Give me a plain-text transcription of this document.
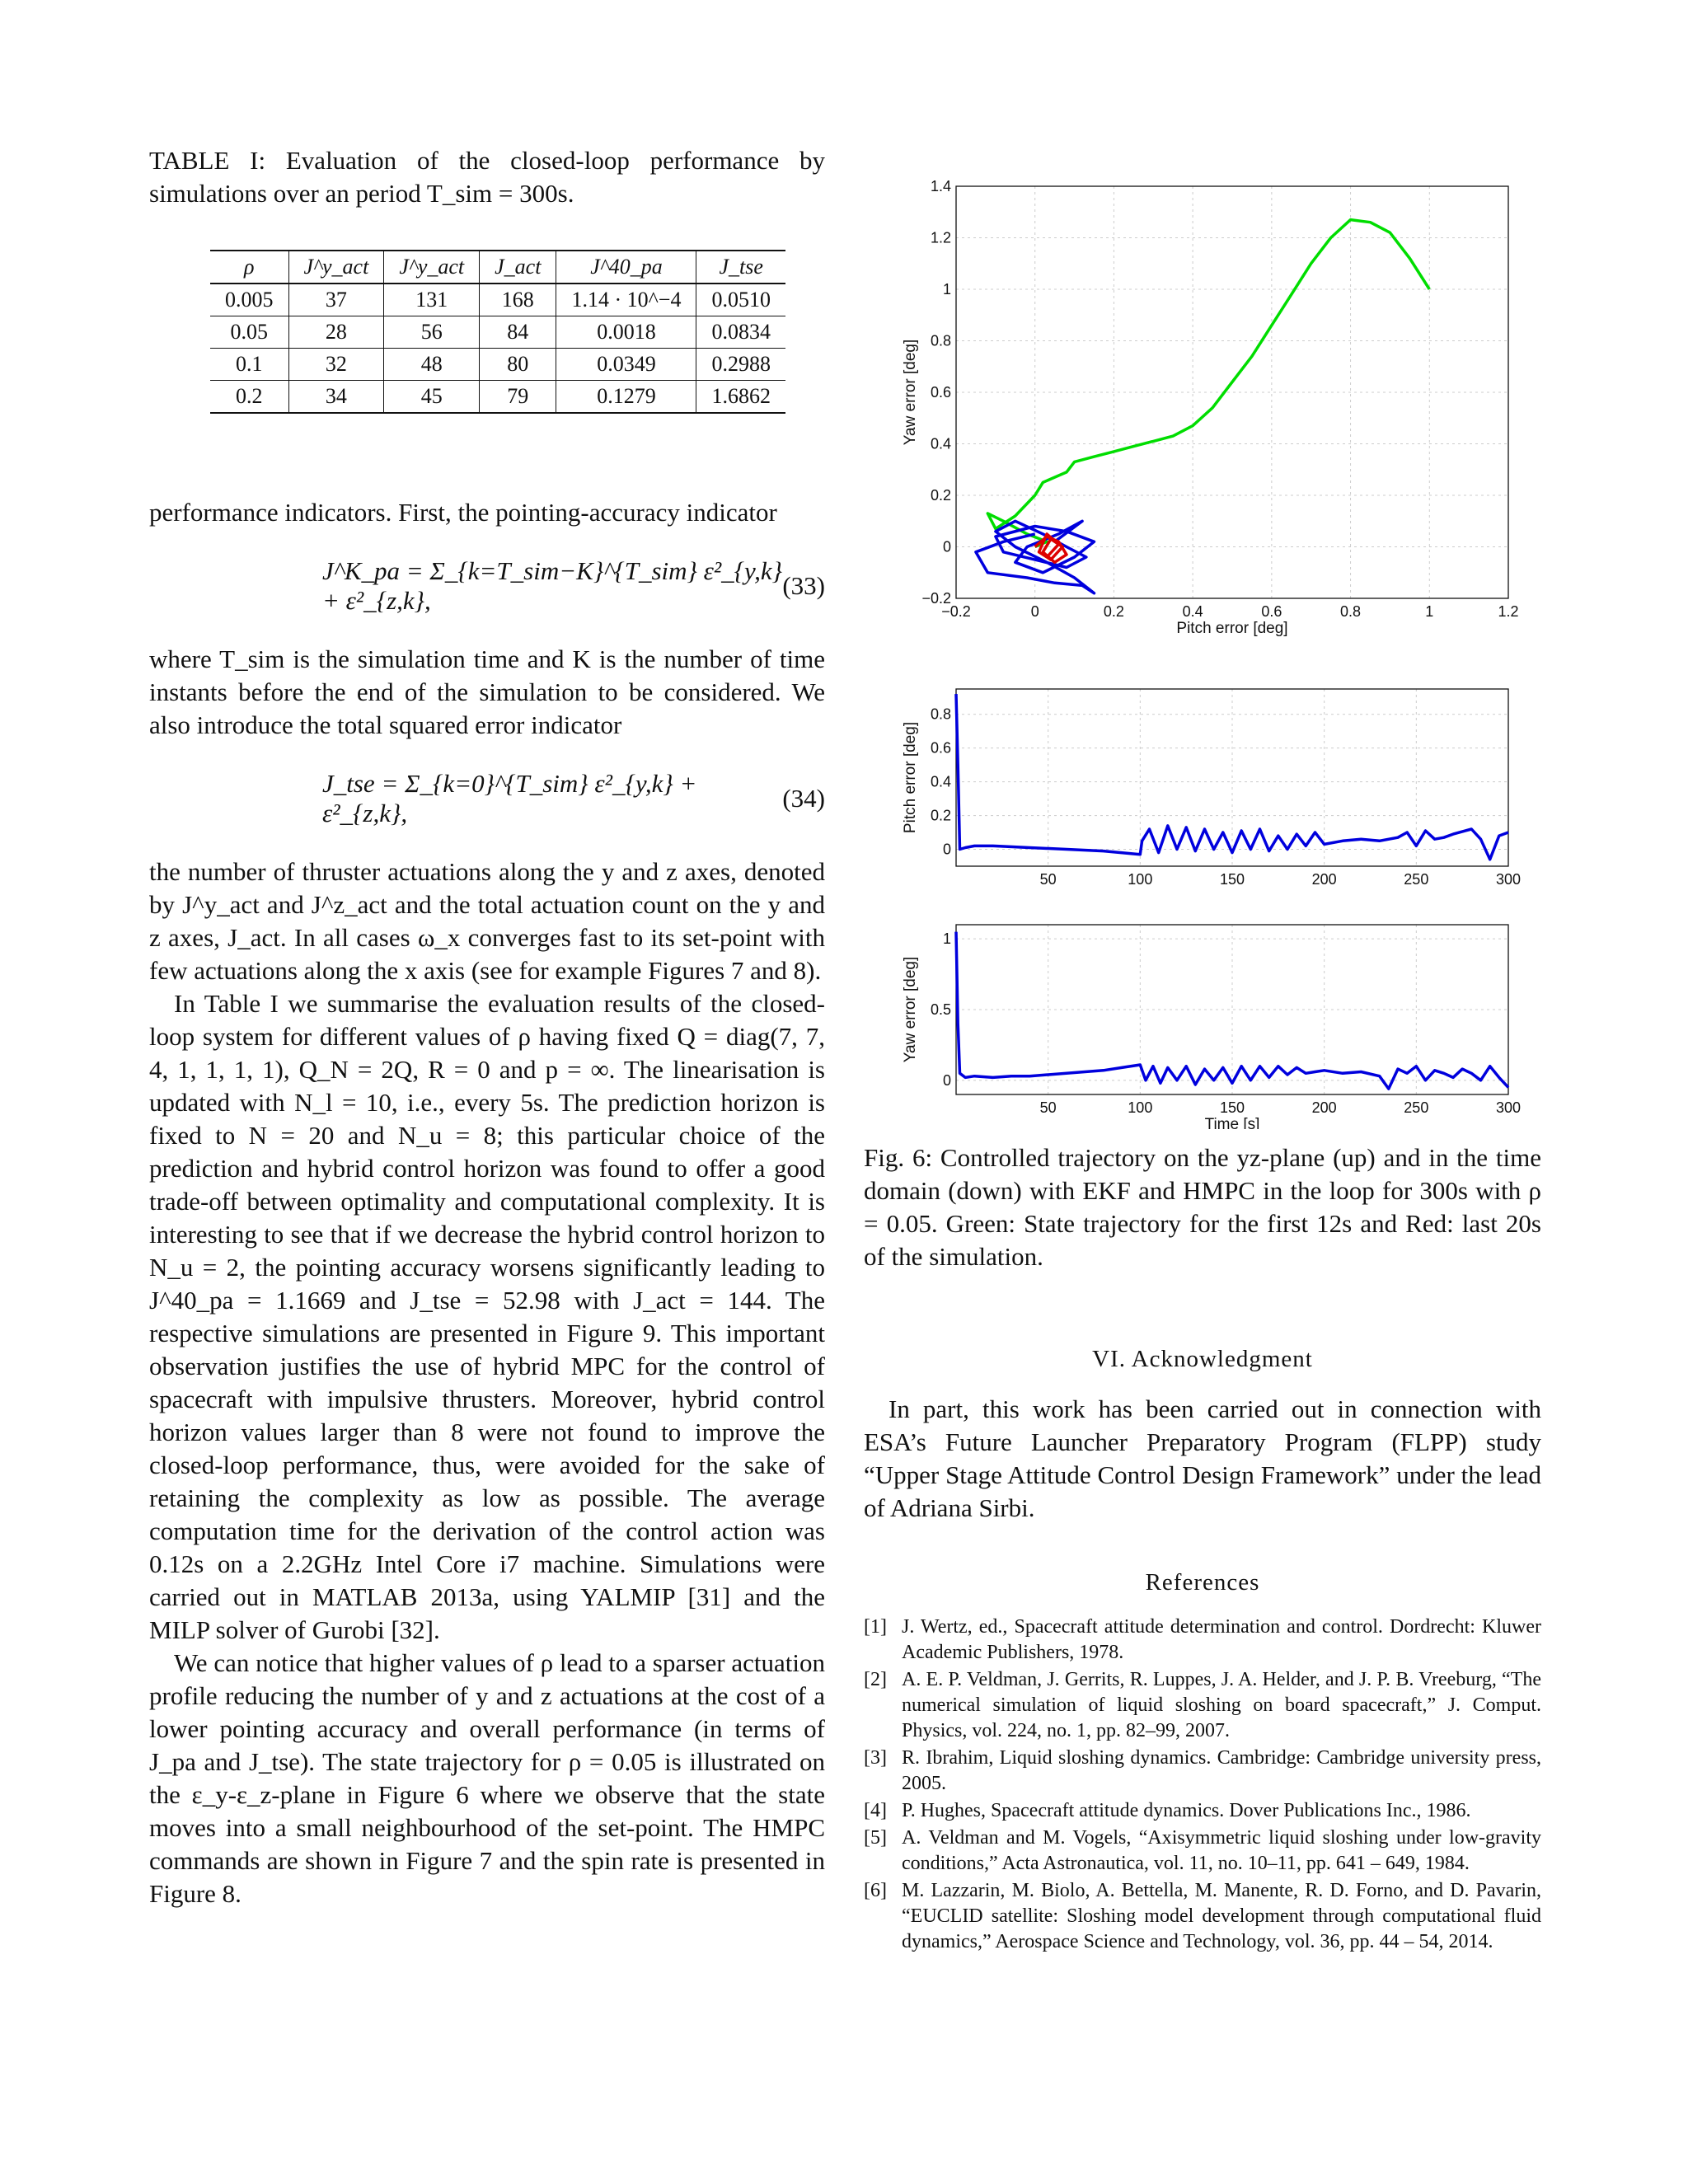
TABLE I: Evaluation of the closed-loop performance by simulations over an period T_sim = 300s.

ρ	J^y_act	J^y_act	J_act	J^40_pa	J_tse
0.005	37	131	168	1.14 · 10^−4	0.0510
0.05	28	56	84	0.0018	0.0834
0.1	32	48	80	0.0349	0.2988
0.2	34	45	79	0.1279	1.6862

performance indicators. First, the pointing-accuracy indicator

J^K_pa = Σ_{k=T_sim−K}^{T_sim} ε²_{y,k} + ε²_{z,k},
(33)

where T_sim is the simulation time and K is the number of time instants before the end of the simulation to be considered. We also introduce the total squared error indicator

J_tse = Σ_{k=0}^{T_sim} ε²_{y,k} + ε²_{z,k},
(34)

the number of thruster actuations along the y and z axes, denoted by J^y_act and J^z_act and the total actuation count on the y and z axes, J_act. In all cases ω_x converges fast to its set-point with few actuations along the x axis (see for example Figures 7 and 8).

In Table I we summarise the evaluation results of the closed-loop system for different values of ρ having fixed Q = diag(7, 7, 4, 1, 1, 1, 1), Q_N = 2Q, R = 0 and p = ∞. The linearisation is updated with N_l = 10, i.e., every 5s. The prediction horizon is fixed to N = 20 and N_u = 8; this particular choice of the prediction and hybrid control horizon was found to offer a good trade-off between optimality and computational complexity. It is interesting to see that if we decrease the hybrid control horizon to N_u = 2, the pointing accuracy worsens significantly leading to J^40_pa = 1.1669 and J_tse = 52.98 with J_act = 144. The respective simulations are presented in Figure 9. This important observation justifies the use of hybrid MPC for the control of spacecraft with impulsive thrusters. Moreover, hybrid control horizon values larger than 8 were not found to improve the closed-loop performance, thus, were avoided for the sake of retaining the complexity as low as possible. The average computation time for the derivation of the control action was 0.12s on a 2.2GHz Intel Core i7 machine. Simulations were carried out in MATLAB 2013a, using YALMIP [31] and the MILP solver of Gurobi [32].

We can notice that higher values of ρ lead to a sparser actuation profile reducing the number of y and z actuations at the cost of a lower pointing accuracy and overall performance (in terms of J_pa and J_tse). The state trajectory for ρ = 0.05 is illustrated on the ε_y-ε_z-plane in Figure 6 where we observe that the state moves into a small neighbourhood of the set-point. The HMPC commands are shown in Figure 7 and the spin rate is presented in Figure 8.

−0.2	0	0.2	0.4	0.6	0.8	1	1.2
−0.2
0
0.2
0.4
0.6
0.8
1
1.2
1.4
Pitch error [deg]
Yaw error [deg]
50	100	150	200	250	300
0
0.2
0.4
0.6
0.8
Pitch error [deg]
50	100	150	200	250	300
0
0.5
1
Time [s]
Yaw error [deg]

Fig. 6: Controlled trajectory on the yz-plane (up) and in the time domain (down) with EKF and HMPC in the loop for 300s with ρ = 0.05. Green: State trajectory for the first 12s and Red: last 20s of the simulation.

VI. Acknowledgment

In part, this work has been carried out in connection with ESA’s Future Launcher Preparatory Program (FLPP) study “Upper Stage Attitude Control Design Framework” under the lead of Adriana Sirbi.

References

[1] J. Wertz, ed., Spacecraft attitude determination and control. Dordrecht: Kluwer Academic Publishers, 1978.
[2] A. E. P. Veldman, J. Gerrits, R. Luppes, J. A. Helder, and J. P. B. Vreeburg, “The numerical simulation of liquid sloshing on board spacecraft,” J. Comput. Physics, vol. 224, no. 1, pp. 82–99, 2007.
[3] R. Ibrahim, Liquid sloshing dynamics. Cambridge: Cambridge university press, 2005.
[4] P. Hughes, Spacecraft attitude dynamics. Dover Publications Inc., 1986.
[5] A. Veldman and M. Vogels, “Axisymmetric liquid sloshing under low-gravity conditions,” Acta Astronautica, vol. 11, no. 10–11, pp. 641 – 649, 1984.
[6] M. Lazzarin, M. Biolo, A. Bettella, M. Manente, R. D. Forno, and D. Pavarin, “EUCLID satellite: Sloshing model development through computational fluid dynamics,” Aerospace Science and Technology, vol. 36, pp. 44 – 54, 2014.
